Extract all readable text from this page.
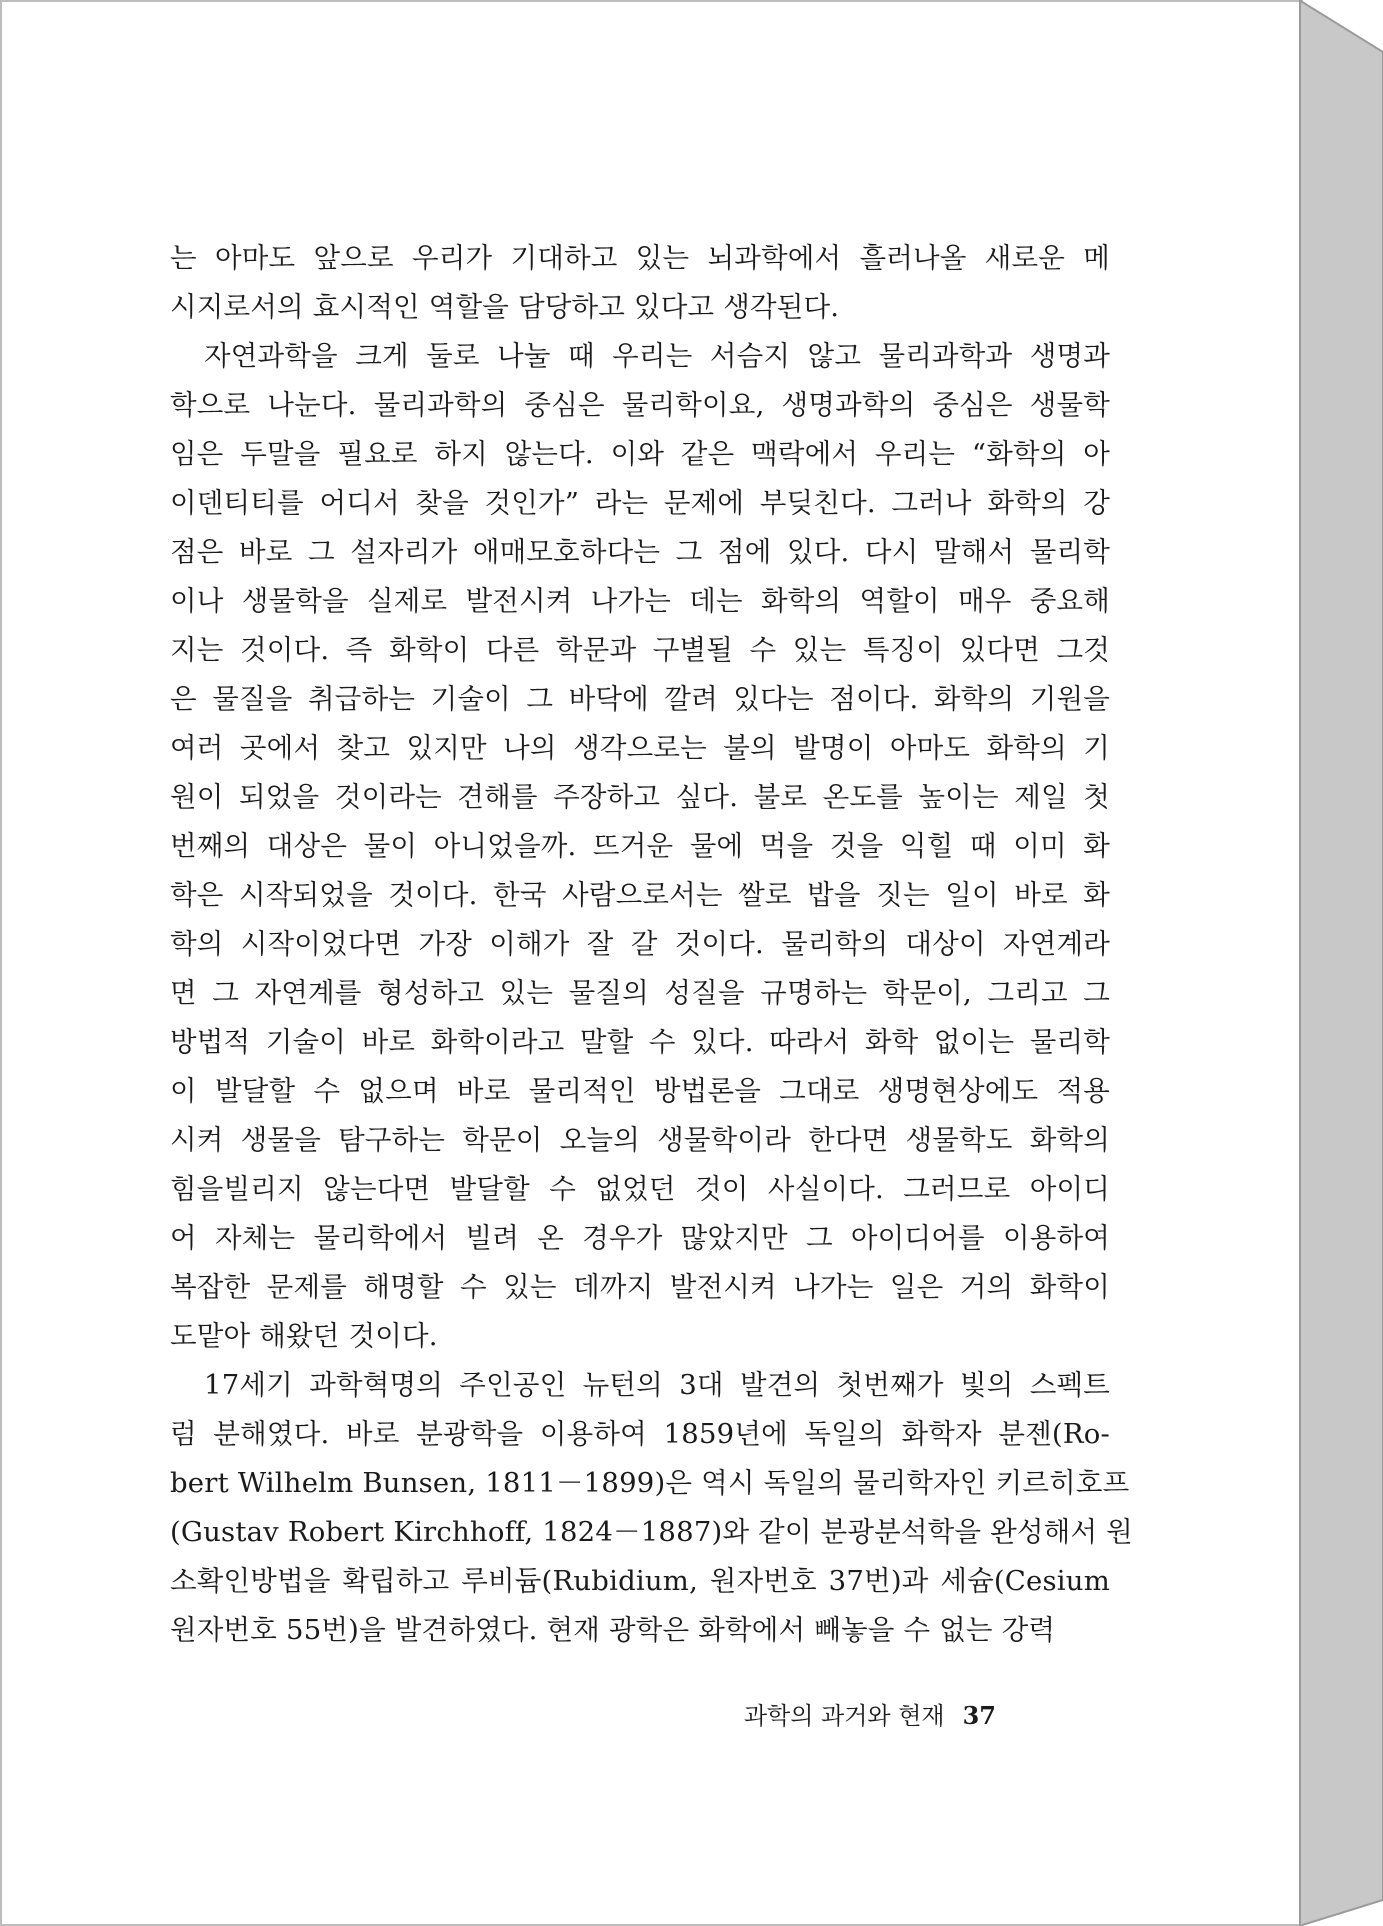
는 아마도 앞으로 우리가 기대하고 있는 뇌과학에서 흘러나올 새로운 메
시지로서의 효시적인 역할을 담당하고 있다고 생각된다.
자연과학을 크게 둘로 나눌 때 우리는 서슴지 않고 물리과학과 생명과
학으로 나눈다. 물리과학의 중심은 물리학이요, 생명과학의 중심은 생물학
임은 두말을 필요로 하지 않는다. 이와 같은 맥락에서 우리는 “화학의 아
이덴티티를 어디서 찾을 것인가” 라는 문제에 부딪친다. 그러나 화학의 강
점은 바로 그 설자리가 애매모호하다는 그 점에 있다. 다시 말해서 물리학
이나 생물학을 실제로 발전시켜 나가는 데는 화학의 역할이 매우 중요해
지는 것이다. 즉 화학이 다른 학문과 구별될 수 있는 특징이 있다면 그것
은 물질을 취급하는 기술이 그 바닥에 깔려 있다는 점이다. 화학의 기원을
여러 곳에서 찾고 있지만 나의 생각으로는 불의 발명이 아마도 화학의 기
원이 되었을 것이라는 견해를 주장하고 싶다. 불로 온도를 높이는 제일 첫
번째의 대상은 물이 아니었을까. 뜨거운 물에 먹을 것을 익힐 때 이미 화
학은 시작되었을 것이다. 한국 사람으로서는 쌀로 밥을 짓는 일이 바로 화
학의 시작이었다면 가장 이해가 잘 갈 것이다. 물리학의 대상이 자연계라
면 그 자연계를 형성하고 있는 물질의 성질을 규명하는 학문이, 그리고 그
방법적 기술이 바로 화학이라고 말할 수 있다. 따라서 화학 없이는 물리학
이 발달할 수 없으며 바로 물리적인 방법론을 그대로 생명현상에도 적용
시켜 생물을 탐구하는 학문이 오늘의 생물학이라 한다면 생물학도 화학의
힘을빌리지 않는다면 발달할 수 없었던 것이 사실이다. 그러므로 아이디
어 자체는 물리학에서 빌려 온 경우가 많았지만 그 아이디어를 이용하여
복잡한 문제를 해명할 수 있는 데까지 발전시켜 나가는 일은 거의 화학이
도맡아 해왔던 것이다.
17세기 과학혁명의 주인공인 뉴턴의 3대 발견의 첫번째가 빛의 스펙트
럼 분해였다. 바로 분광학을 이용하여 1859년에 독일의 화학자 분젠(Ro-
bert Wilhelm Bunsen, 1811－1899)은 역시 독일의 물리학자인 키르히호프
(Gustav Robert Kirchhoff, 1824－1887)와 같이 분광분석학을 완성해서 원
소확인방법을 확립하고 루비듐(Rubidium, 원자번호 37번)과 세슘(Cesium
원자번호 55번)을 발견하였다. 현재 광학은 화학에서 빼놓을 수 없는 강력
과학의 과거와 현재 37
